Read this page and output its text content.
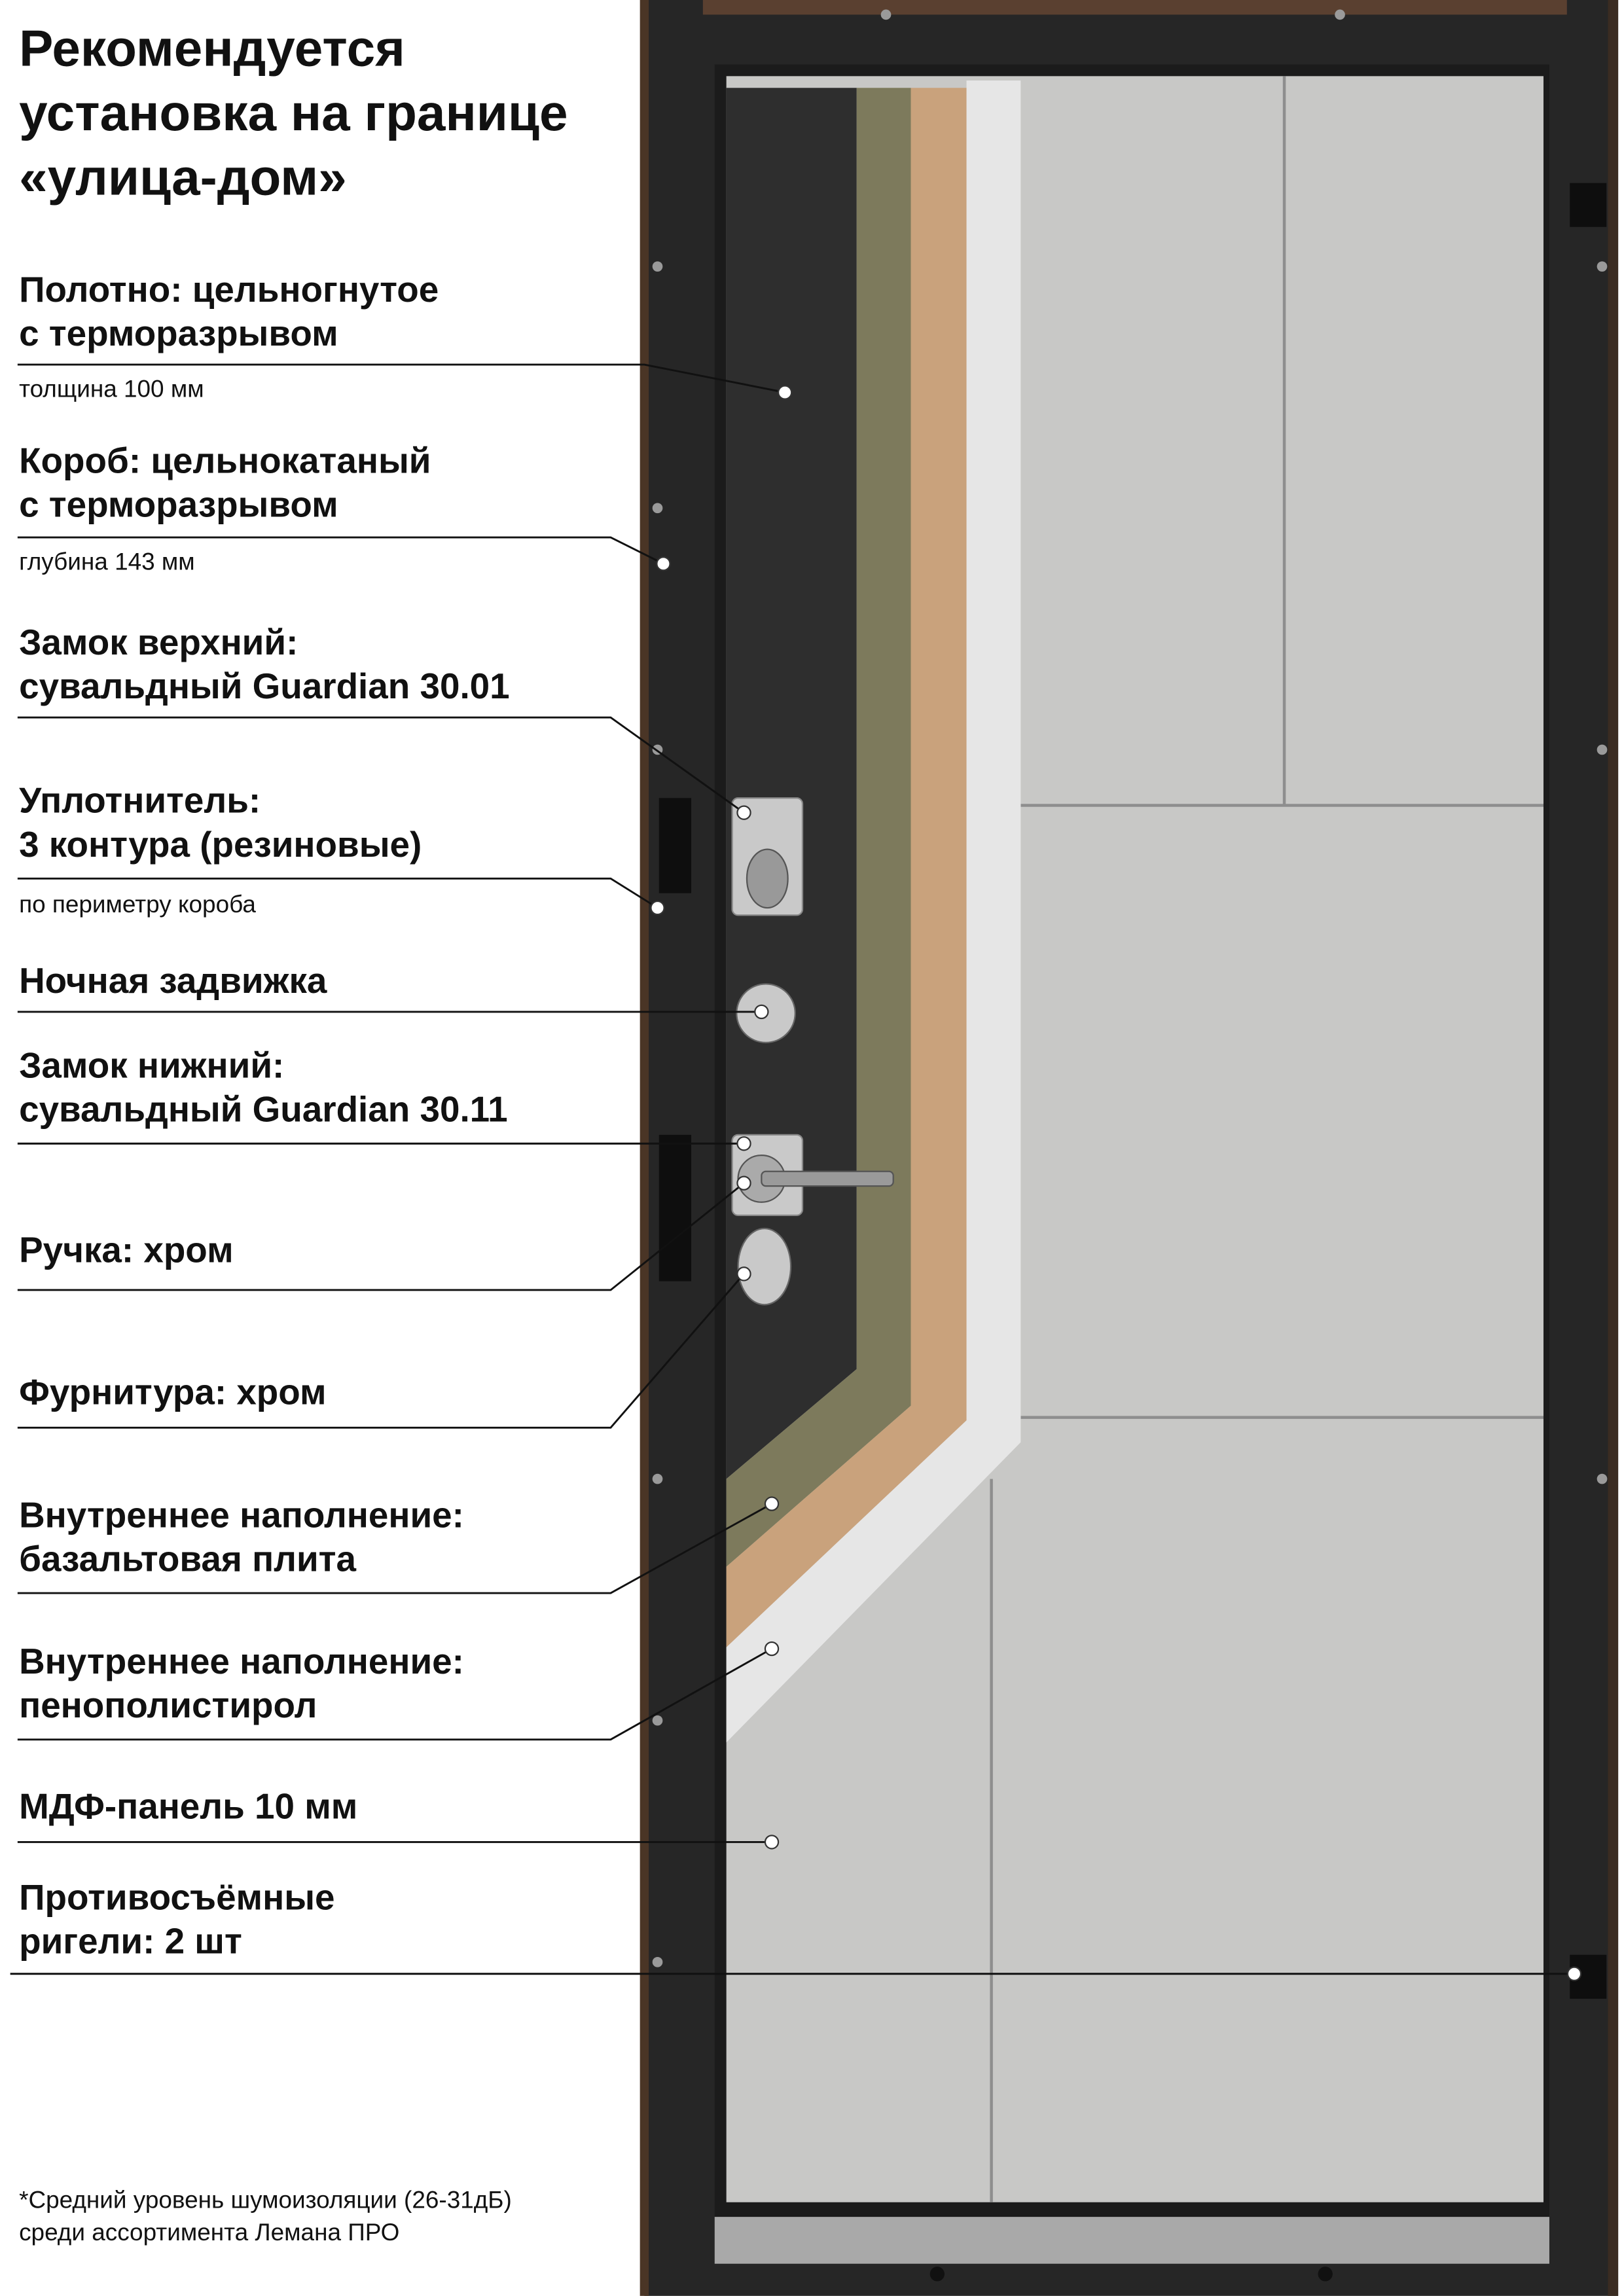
Рекомендуется
установка на границе
«улица-дом»
Полотно: цельногнутое
с терморазрывом
толщина 100 мм
Короб: цельнокатаный
с терморазрывом
глубина 143 мм
Замок верхний:
сувальдный Guardian 30.01
Уплотнитель:
3 контура (резиновые)
по периметру короба
Ночная задвижка
Замок нижний:
сувальдный Guardian 30.11
Ручка: хром
Фурнитура: хром
Внутреннее наполнение:
базальтовая плита
Внутреннее наполнение:
пенополистирол
МДФ-панель 10 мм
Противосъёмные
ригели: 2 шт
*Средний уровень шумоизоляции (26-31дБ)
среди ассортимента Лемана ПРО
